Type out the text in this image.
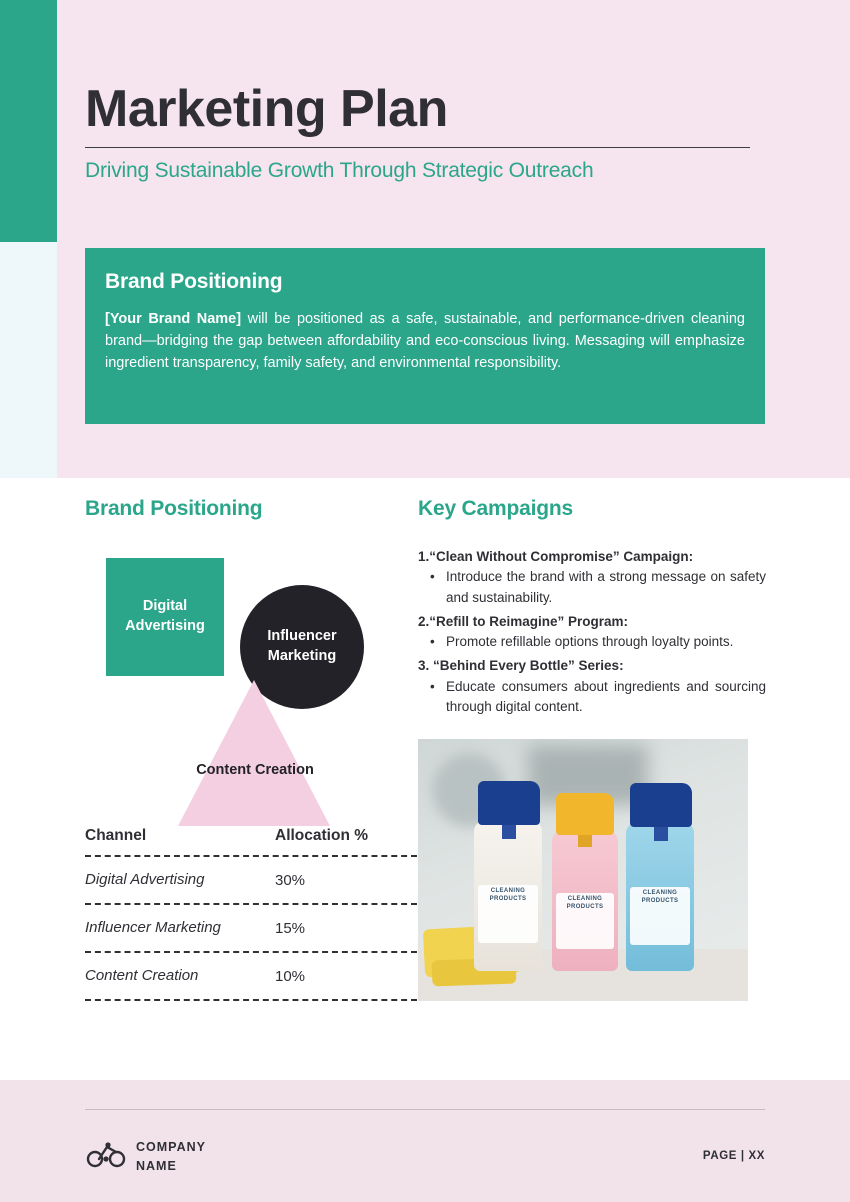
Marketing Plan
Driving Sustainable Growth Through Strategic Outreach
Brand Positioning

[Your Brand Name] will be positioned as a safe, sustainable, and performance-driven cleaning brand—bridging the gap between affordability and eco-conscious living. Messaging will emphasize ingredient transparency, family safety, and environmental responsibility.

Brand Positioning
Digital Advertising
Influencer Marketing
Content Creation
Channel	Allocation %
Digital Advertising	30%
Influencer Marketing	15%
Content Creation	10%
Key Campaigns
1.“Clean Without Compromise” Campaign:
• Introduce the brand with a strong message on safety and sustainability.
2.“Refill to Reimagine” Program:
• Promote refillable options through loyalty points.
3. “Behind Every Bottle” Series:
• Educate consumers about ingredients and sourcing through digital content.
CLEANING PRODUCTS	CLEANING PRODUCTS
CLEANING PRODUCTS
COMPANY
NAME
PAGE | XX
